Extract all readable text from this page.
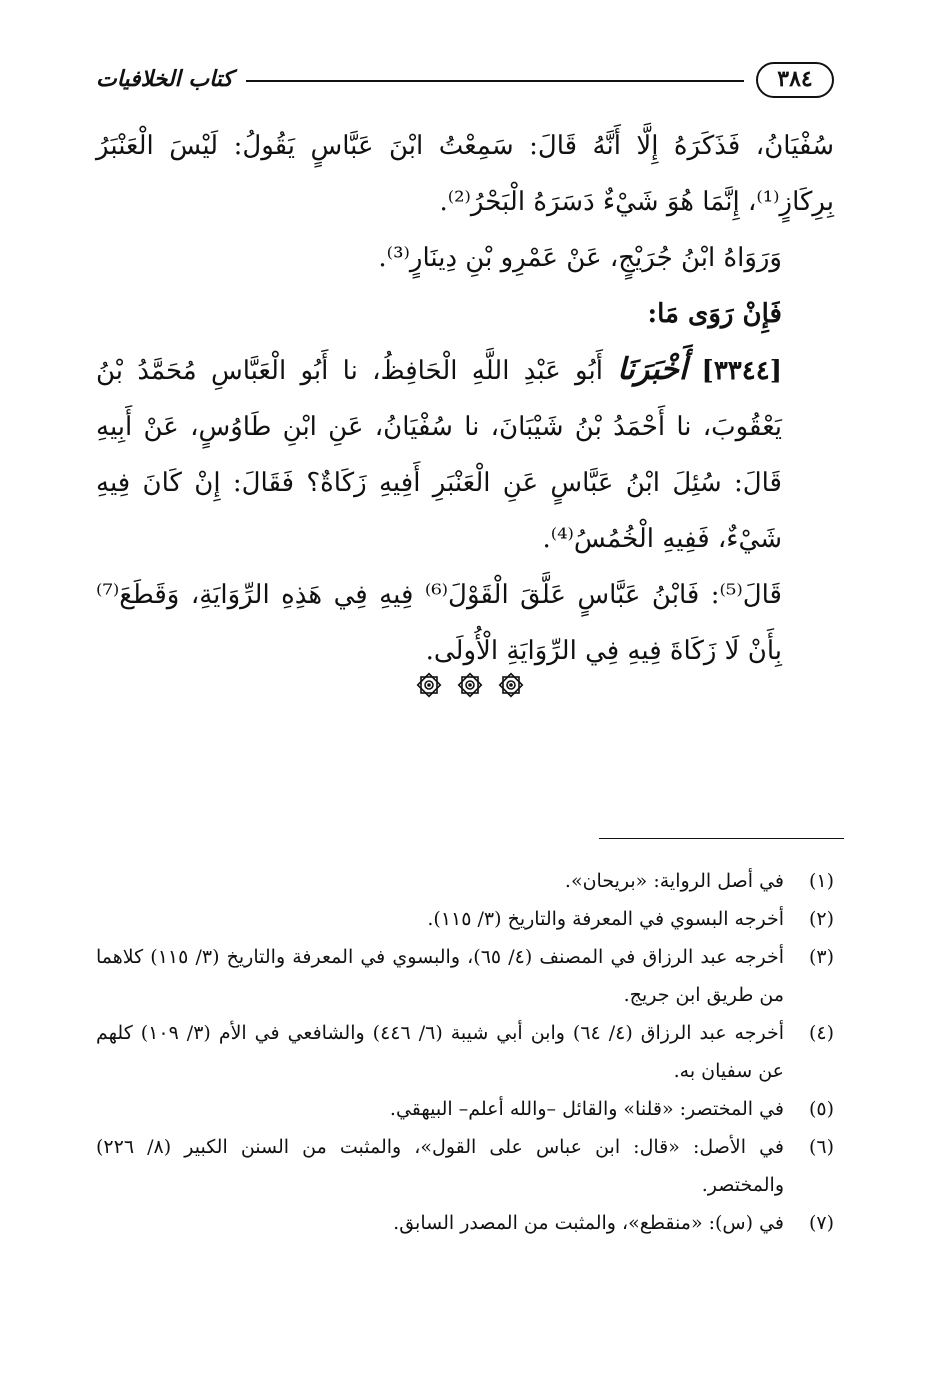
٣٨٤
كتاب الخلافيات

سُفْيَانُ، فَذَكَرَهُ إِلَّا أَنَّهُ قَالَ: سَمِعْتُ ابْنَ عَبَّاسٍ يَقُولُ: لَيْسَ الْعَنْبَرُ بِرِكَازٍ⁽¹⁾، إِنَّمَا هُوَ شَيْءٌ دَسَرَهُ الْبَحْرُ⁽²⁾.

وَرَوَاهُ ابْنُ جُرَيْجٍ، عَنْ عَمْرِو بْنِ دِينَارٍ⁽³⁾.

فَإِنْ رَوَى مَا:

[٣٣٤٤] أَخْبَرَنَا أَبُو عَبْدِ اللَّهِ الْحَافِظُ، نا أَبُو الْعَبَّاسِ مُحَمَّدُ بْنُ يَعْقُوبَ، نا أَحْمَدُ بْنُ شَيْبَانَ، نا سُفْيَانُ، عَنِ ابْنِ طَاوُسٍ، عَنْ أَبِيهِ قَالَ: سُئِلَ ابْنُ عَبَّاسٍ عَنِ الْعَنْبَرِ أَفِيهِ زَكَاةٌ؟ فَقَالَ: إِنْ كَانَ فِيهِ شَيْءٌ، فَفِيهِ الْخُمُسُ⁽⁴⁾.

قَالَ⁽⁵⁾: فَابْنُ عَبَّاسٍ عَلَّقَ الْقَوْلَ⁽⁶⁾ فِيهِ فِي هَذِهِ الرِّوَايَةِ، وَقَطَعَ⁽⁷⁾ بِأَنْ لَا زَكَاةَ فِيهِ فِي الرِّوَايَةِ الْأُولَى.

(١)
في أصل الرواية: «بريحان».
(٢)
أخرجه البسوي في المعرفة والتاريخ (٣/ ١١٥).
(٣)
أخرجه عبد الرزاق في المصنف (٤/ ٦٥)، والبسوي في المعرفة والتاريخ (٣/ ١١٥) كلاهما من طريق ابن جريج.
(٤)
أخرجه عبد الرزاق (٤/ ٦٤) وابن أبي شيبة (٦/ ٤٤٦) والشافعي في الأم (٣/ ١٠٩) كلهم عن سفيان به.
(٥)
في المختصر: «قلنا» والقائل –والله أعلم– البيهقي.
(٦)
في الأصل: «قال: ابن عباس على القول»، والمثبت من السنن الكبير (٨/ ٢٢٦) والمختصر.
(٧)
في (س): «منقطع»، والمثبت من المصدر السابق.
